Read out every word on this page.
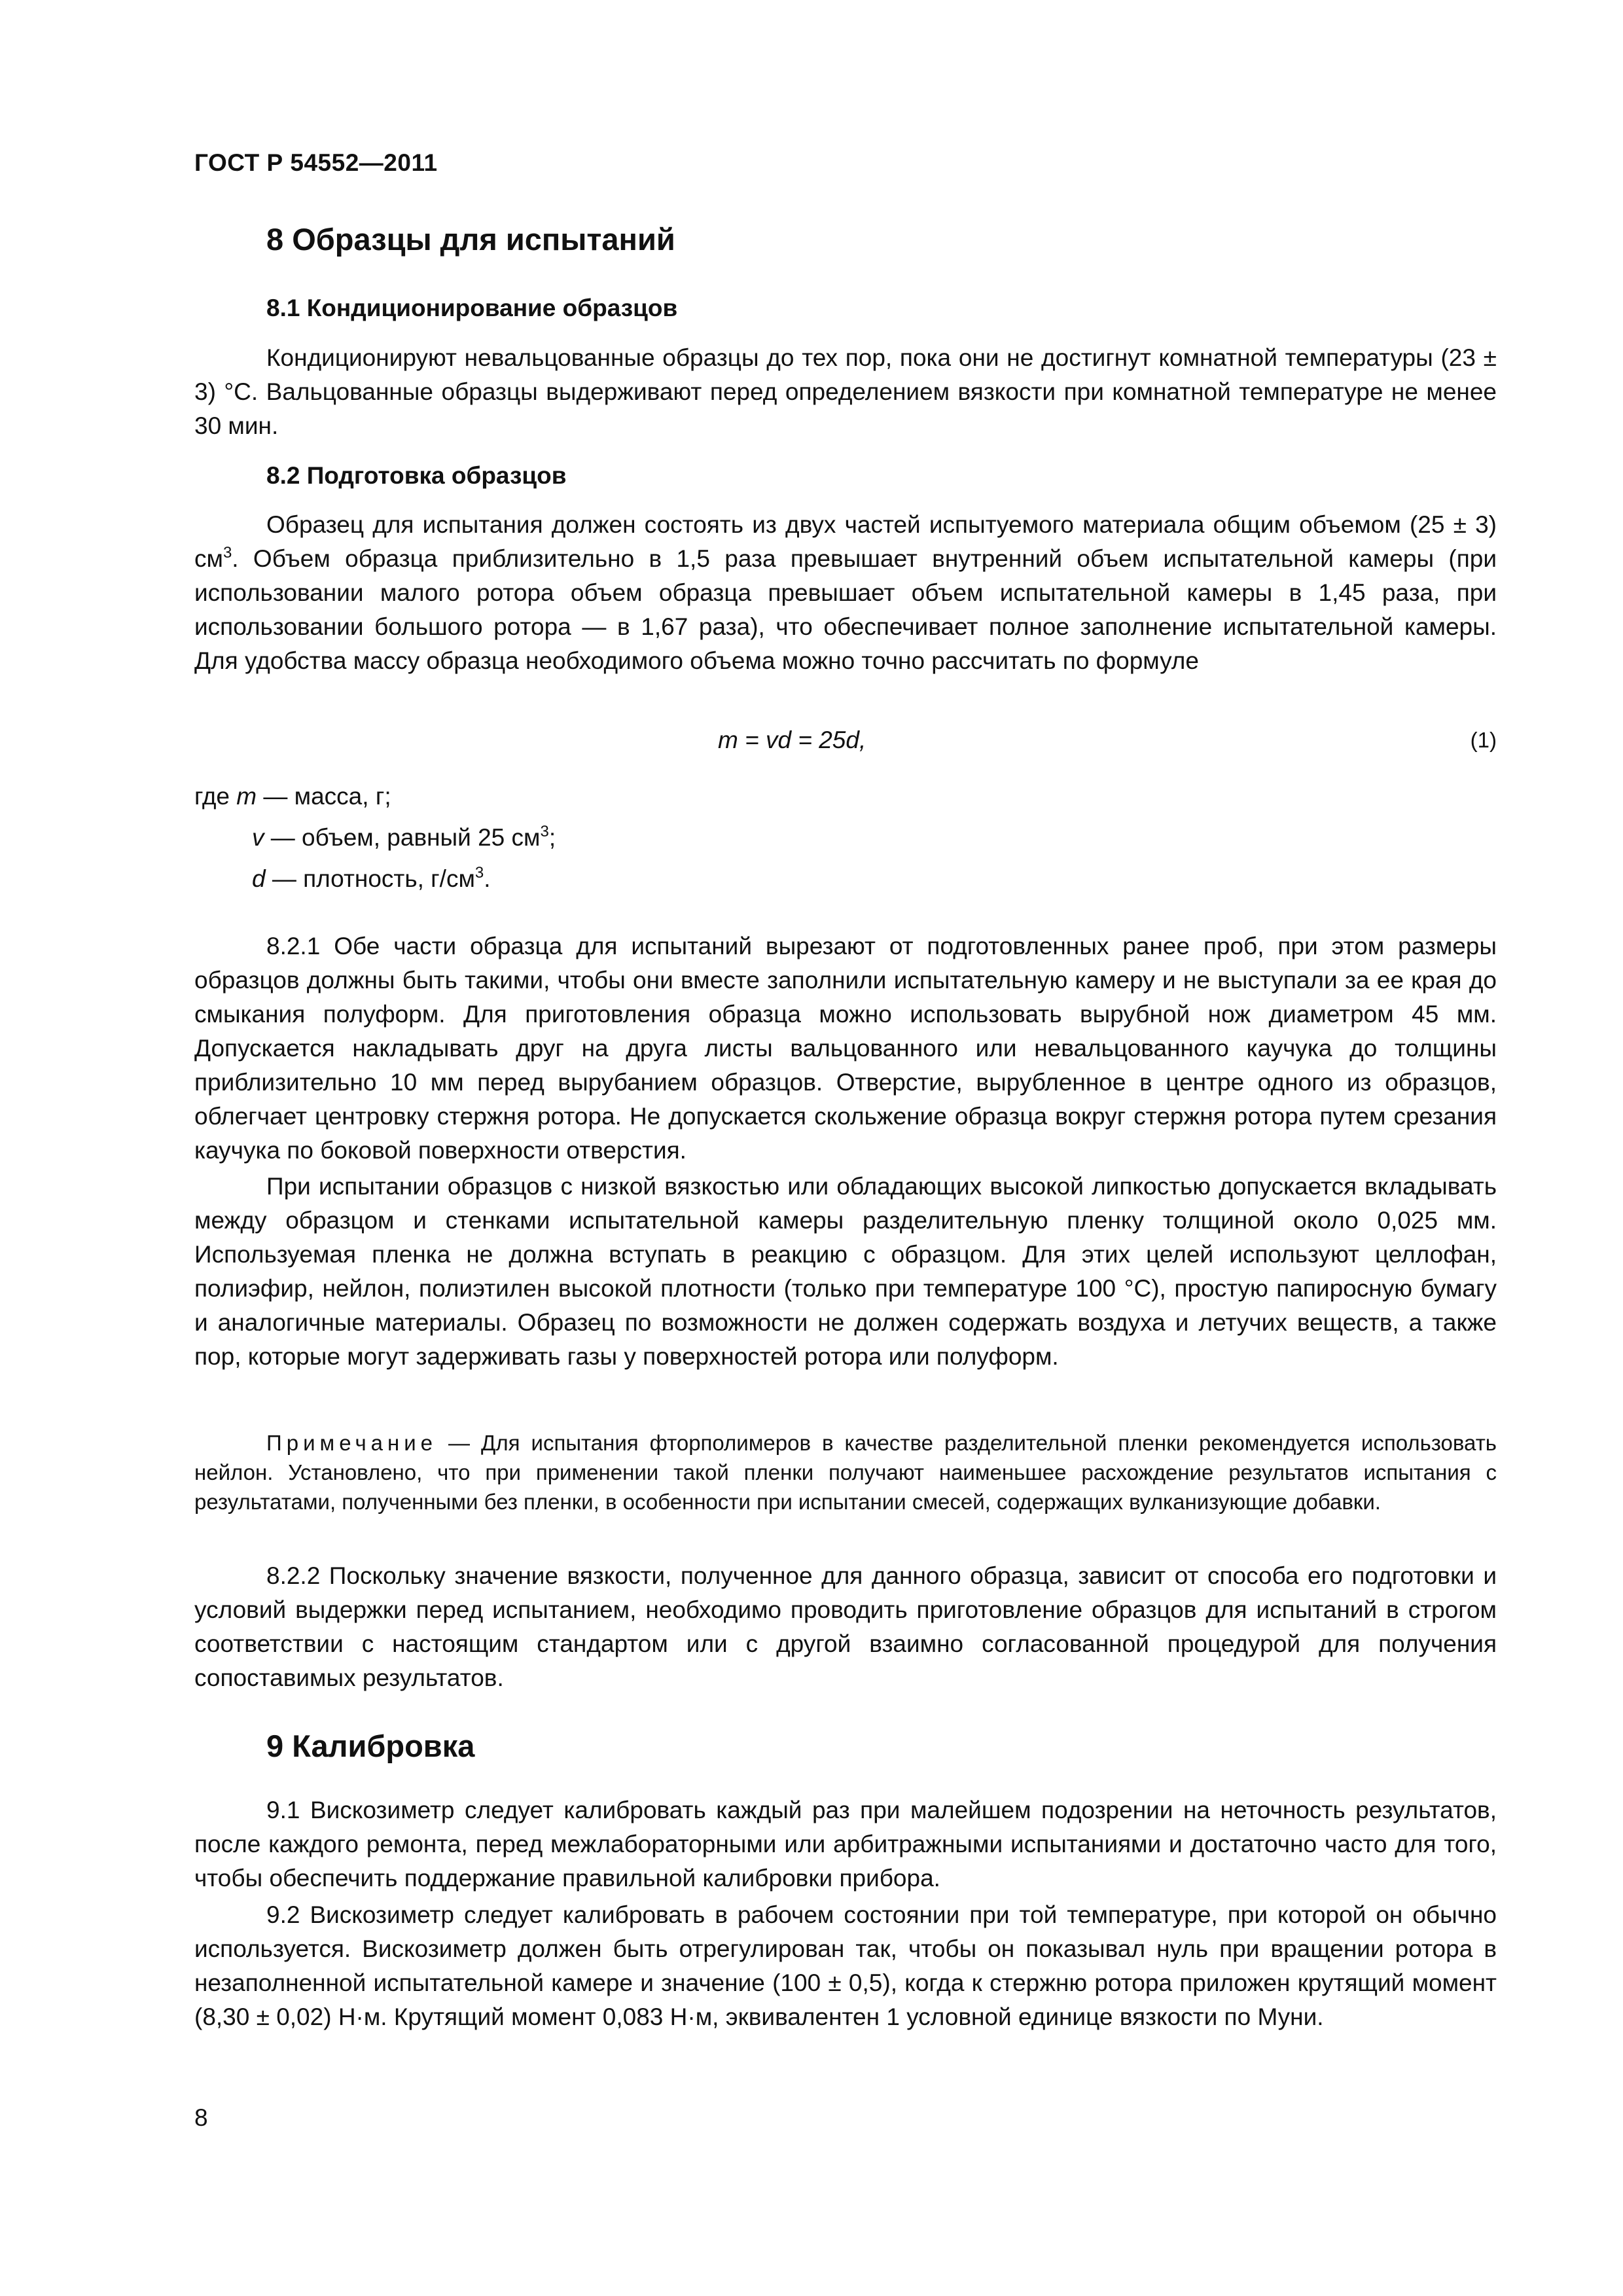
ГОСТ Р 54552—2011
8 Образцы для испытаний
8.1 Кондиционирование образцов

Кондиционируют невальцованные образцы до тех пор, пока они не достигнут комнатной температуры (23 ± 3) °С. Вальцованные образцы выдерживают перед определением вязкости при комнатной температуре не менее 30 мин.

8.2 Подготовка образцов

Образец для испытания должен состоять из двух частей испытуемого материала общим объемом (25 ± 3) $см^3$. Объем образца приблизительно в 1,5 раза превышает внутренний объем испытательной камеры (при использовании малого ротора объем образца превышает объем испытательной камеры в 1,45 раза, при использовании большого ротора — в 1,67 раза), что обеспечивает полное заполнение испытательной камеры. Для удобства массу образца необходимого объема можно точно рассчитать по формуле

m = vd = 25d,	(1)
где m — масса, г;
v — объем, равный 25 $см^3$;
d — плотность, $г/см^3$.

8.2.1 Обе части образца для испытаний вырезают от подготовленных ранее проб, при этом размеры образцов должны быть такими, чтобы они вместе заполнили испытательную камеру и не выступали за ее края до смыкания полуформ. Для приготовления образца можно использовать вырубной нож диаметром 45 мм. Допускается накладывать друг на друга листы вальцованного или невальцованного каучука до толщины приблизительно 10 мм перед вырубанием образцов. Отверстие, вырубленное в центре одного из образцов, облегчает центровку стержня ротора. Не допускается скольжение образца вокруг стержня ротора путем срезания каучука по боковой поверхности отверстия.

При испытании образцов с низкой вязкостью или обладающих высокой липкостью допускается вкладывать между образцом и стенками испытательной камеры разделительную пленку толщиной около 0,025 мм. Используемая пленка не должна вступать в реакцию с образцом. Для этих целей используют целлофан, полиэфир, нейлон, полиэтилен высокой плотности (только при температуре 100 °С), простую папиросную бумагу и аналогичные материалы. Образец по возможности не должен содержать воздуха и летучих веществ, а также пор, которые могут задерживать газы у поверхностей ротора или полуформ.

Примечание — Для испытания фторполимеров в качестве разделительной пленки рекомендуется использовать нейлон. Установлено, что при применении такой пленки получают наименьшее расхождение результатов испытания с результатами, полученными без пленки, в особенности при испытании смесей, содержащих вулканизующие добавки.

8.2.2 Поскольку значение вязкости, полученное для данного образца, зависит от способа его подготовки и условий выдержки перед испытанием, необходимо проводить приготовление образцов для испытаний в строгом соответствии с настоящим стандартом или с другой взаимно согласованной процедурой для получения сопоставимых результатов.

9 Калибровка

9.1 Вискозиметр следует калибровать каждый раз при малейшем подозрении на неточность результатов, после каждого ремонта, перед межлабораторными или арбитражными испытаниями и достаточно часто для того, чтобы обеспечить поддержание правильной калибровки прибора.

9.2 Вискозиметр следует калибровать в рабочем состоянии при той температуре, при которой он обычно используется. Вискозиметр должен быть отрегулирован так, чтобы он показывал нуль при вращении ротора в незаполненной испытательной камере и значение (100 ± 0,5), когда к стержню ротора приложен крутящий момент (8,30 ± 0,02) Н·м. Крутящий момент 0,083 Н·м, эквивалентен 1 условной единице вязкости по Муни.

8
